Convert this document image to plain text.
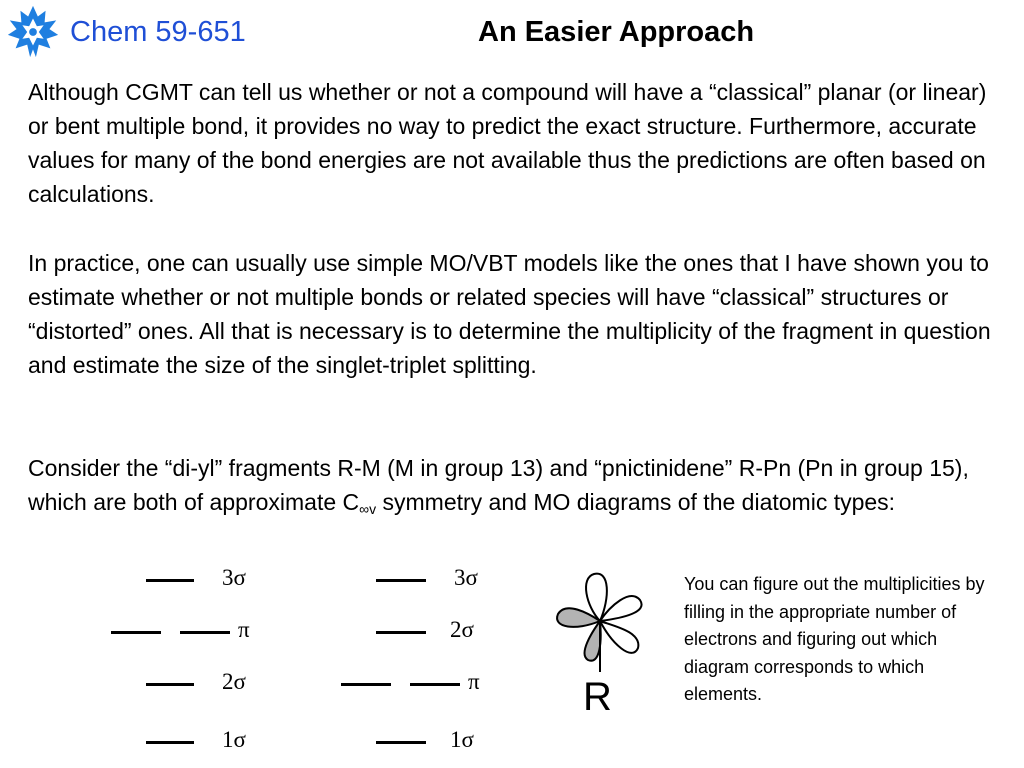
Chem 59-651	An Easier Approach

Although CGMT can tell us whether or not a compound will have a “classical” planar (or linear) or bent multiple bond, it provides no way to predict the exact structure. Furthermore, accurate values for many of the bond energies are not available thus the predictions are often based on calculations.

In practice, one can usually use simple MO/VBT models like the ones that I have shown you to estimate whether or not multiple bonds or related species will have “classical” structures or “distorted” ones. All that is necessary is to determine the multiplicity of the fragment in question and estimate the size of the singlet-triplet splitting.

Consider the “di-yl” fragments R-M (M in group 13) and “pnictinidene” R-Pn (Pn in group 15), which are both of approximate $C_{\infty v}$ symmetry and MO diagrams of the diatomic types:

3σ
π
2σ
1σ
3σ
2σ
π
1σ
R

You can figure out the multiplicities by filling in the appropriate number of electrons and figuring out which diagram corresponds to which elements.
